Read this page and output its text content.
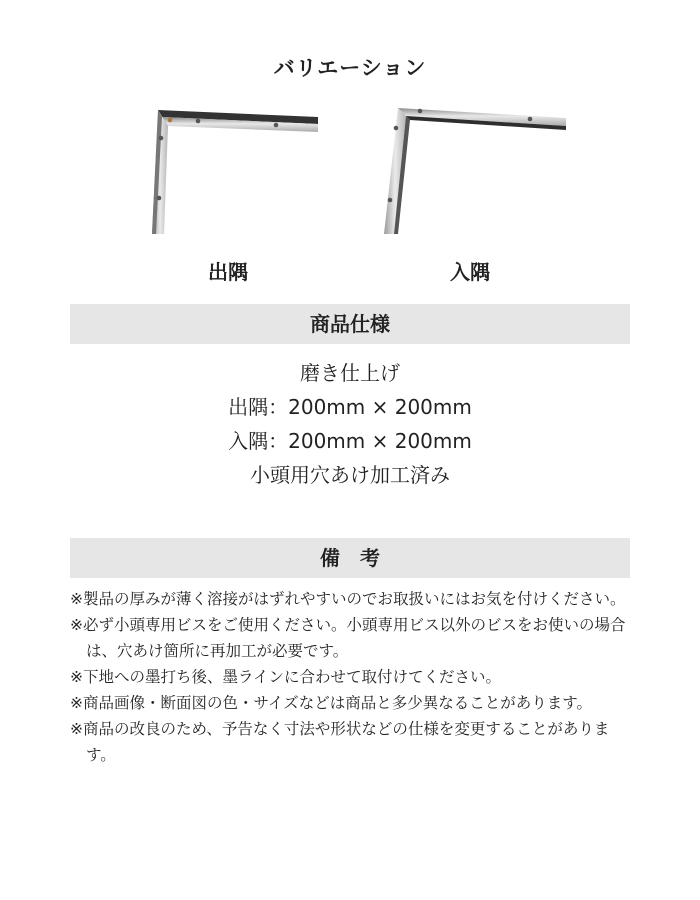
バリエーション
出隅	入隅
商品仕様
磨き仕上げ
出隅：200mm × 200mm
入隅：200mm × 200mm
小頭用穴あけ加工済み
備考
※製品の厚みが薄く溶接がはずれやすいのでお取扱いにはお気を付けください。
※必ず小頭専用ビスをご使用ください。小頭専用ビス以外のビスをお使いの場合は、穴あけ箇所に再加工が必要です。
※下地への墨打ち後、墨ラインに合わせて取付けてください。
※商品画像・断面図の色・サイズなどは商品と多少異なることがあります。
※商品の改良のため、予告なく寸法や形状などの仕様を変更することがあります。
